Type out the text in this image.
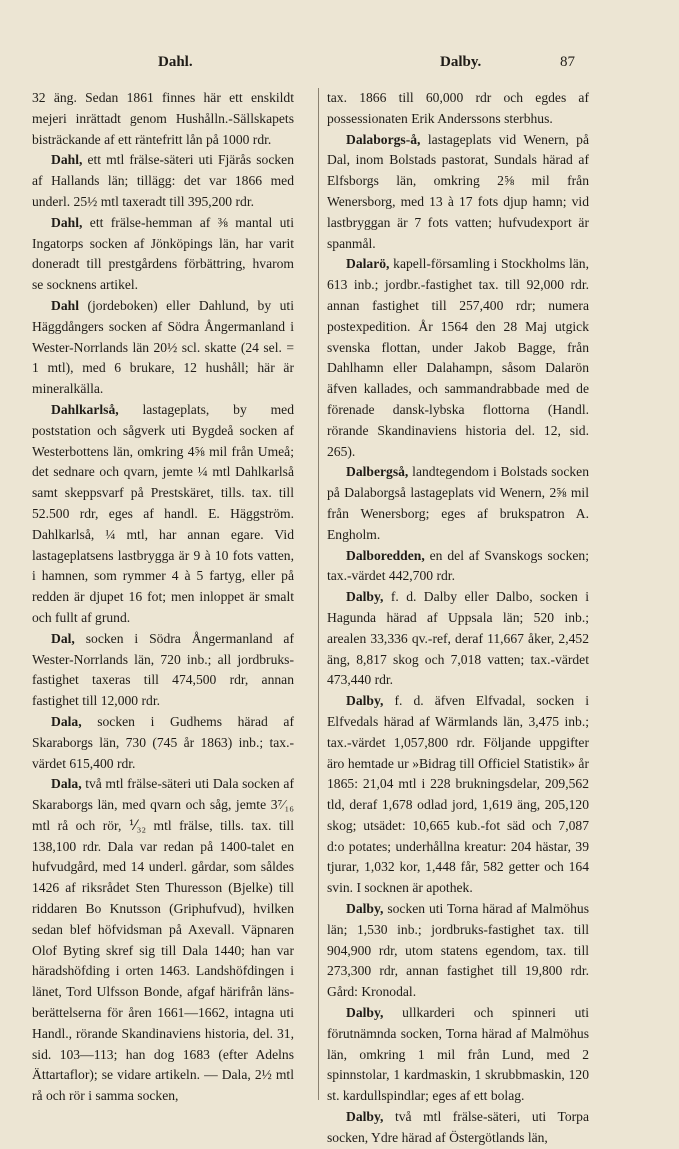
Dahl.	Dalby.	87

32 äng. Sedan 1861 finnes här ett enskildt mejeri inrättadt genom Hushålln.-Sällskapets bisträckande af ett räntefritt lån på 1000 rdr.

Dahl, ett mtl frälse-säteri uti Fjärås socken af Hallands län; tillägg: det var 1866 med underl. 25½ mtl taxeradt till 395,200 rdr.

Dahl, ett frälse-hemman af ⅜ mantal uti Ingatorps socken af Jönköpings län, har varit doneradt till prestgårdens förbättring, hvarom se socknens artikel.

Dahl (jordeboken) eller Dahlund, by uti Häggdångers socken af Södra Ångermanland i Wester-Norrlands län 20½ scl. skatte (24 sel. = 1 mtl), med 6 brukare, 12 hushåll; här är mineralkälla.

Dahlkarlså, lastageplats, by med poststation och sågverk uti Bygdeå socken af Westerbottens län, omkring 4⅝ mil från Umeå; det sednare och qvarn, jemte ¼ mtl Dahlkarlså samt skeppsvarf på Prestskäret, tills. tax. till 52.500 rdr, eges af handl. E. Häggström. Dahlkarlså, ¼ mtl, har annan egare. Vid lastageplatsens lastbrygga är 9 à 10 fots vatten, i hamnen, som rymmer 4 à 5 fartyg, eller på redden är djupet 16 fot; men inloppet är smalt och fullt af grund.

Dal, socken i Södra Ångermanland af Wester-Norrlands län, 720 inb.; all jordbruks-fastighet taxeras till 474,500 rdr, annan fastighet till 12,000 rdr.

Dala, socken i Gudhems härad af Skaraborgs län, 730 (745 år 1863) inb.; tax.-värdet 615,400 rdr.

Dala, två mtl frälse-säteri uti Dala socken af Skaraborgs län, med qvarn och såg, jemte 3⁷⁄₁₆ mtl rå och rör, ⅟₃₂ mtl frälse, tills. tax. till 138,100 rdr. Dala var redan på 1400-talet en hufvudgård, med 14 underl. gårdar, som såldes 1426 af riksrådet Sten Thuresson (Bjelke) till riddaren Bo Knutsson (Griphufvud), hvilken sedan blef höfvidsman på Axevall. Väpnaren Olof Byting skref sig till Dala 1440; han var häradshöfding i orten 1463. Landshöfdingen i länet, Tord Ulfsson Bonde, afgaf härifrån läns-berättelserna för åren 1661—1662, intagna uti Handl., rörande Skandinaviens historia, del. 31, sid. 103—113; han dog 1683 (efter Adelns Ättartaflor); se vidare artikeln. — Dala, 2½ mtl rå och rör i samma socken,

tax. 1866 till 60,000 rdr och egdes af possessionaten Erik Anderssons sterbhus.

Dalaborgs-å, lastageplats vid Wenern, på Dal, inom Bolstads pastorat, Sundals härad af Elfsborgs län, omkring 2⅝ mil från Wenersborg, med 13 à 17 fots djup hamn; vid lastbryggan är 7 fots vatten; hufvudexport är spanmål.

Dalarö, kapell-församling i Stockholms län, 613 inb.; jordbr.-fastighet tax. till 92,000 rdr. annan fastighet till 257,400 rdr; numera postexpedition. År 1564 den 28 Maj utgick svenska flottan, under Jakob Bagge, från Dahlhamn eller Dalahampn, såsom Dalarön äfven kallades, och sammandrabbade med de förenade dansk-lybska flottorna (Handl. rörande Skandinaviens historia del. 12, sid. 265).

Dalbergså, landtegendom i Bolstads socken på Dalaborgså lastageplats vid Wenern, 2⅝ mil från Wenersborg; eges af brukspatron A. Engholm.

Dalboredden, en del af Svanskogs socken; tax.-värdet 442,700 rdr.

Dalby, f. d. Dalby eller Dalbo, socken i Hagunda härad af Uppsala län; 520 inb.; arealen 33,336 qv.-ref, deraf 11,667 åker, 2,452 äng, 8,817 skog och 7,018 vatten; tax.-värdet 473,440 rdr.

Dalby, f. d. äfven Elfvadal, socken i Elfvedals härad af Wärmlands län, 3,475 inb.; tax.-värdet 1,057,800 rdr. Följande uppgifter äro hemtade ur »Bidrag till Officiel Statistik» år 1865: 21,04 mtl i 228 brukningsdelar, 209,562 tld, deraf 1,678 odlad jord, 1,619 äng, 205,120 skog; utsädet: 10,665 kub.-fot säd och 7,087 d:o potates; underhållna kreatur: 204 hästar, 39 tjurar, 1,032 kor, 1,448 får, 582 getter och 164 svin. I socknen är apothek.

Dalby, socken uti Torna härad af Malmöhus län; 1,530 inb.; jordbruks-fastighet tax. till 904,900 rdr, utom statens egendom, tax. till 273,300 rdr, annan fastighet till 19,800 rdr. Gård: Kronodal.

Dalby, ullkarderi och spinneri uti förutnämnda socken, Torna härad af Malmöhus län, omkring 1 mil från Lund, med 2 spinnstolar, 1 kardmaskin, 1 skrubbmaskin, 120 st. kardullspindlar; eges af ett bolag.

Dalby, två mtl frälse-säteri, uti Torpa socken, Ydre härad af Östergötlands län,
